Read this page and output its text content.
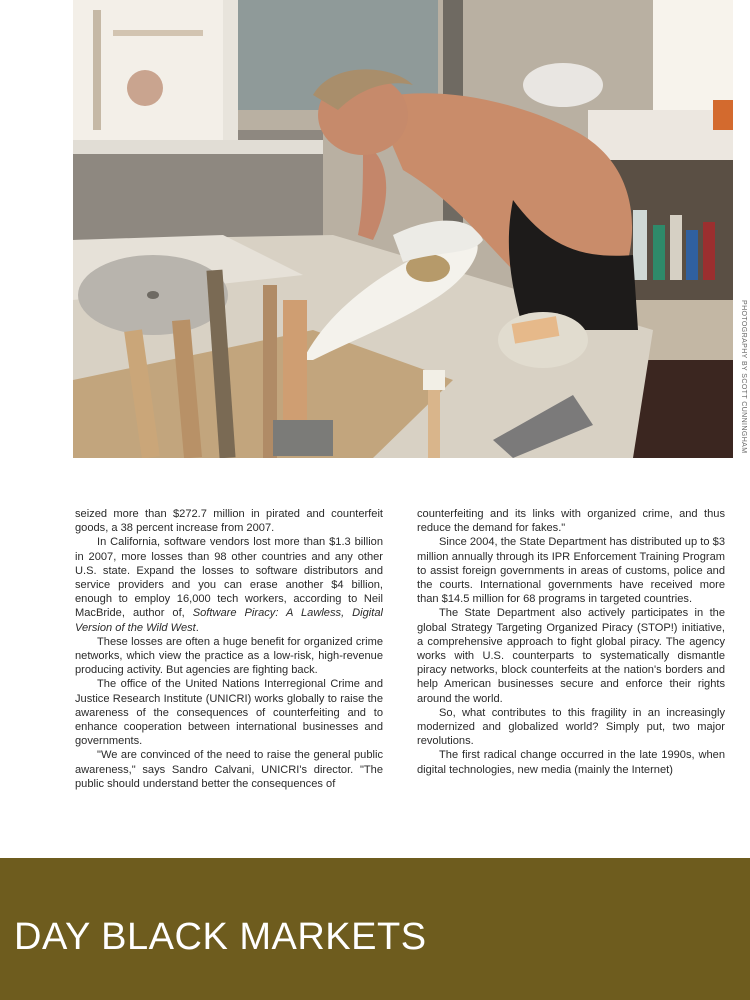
PHOTOGRAPHY BY SCOTT CUNNINGHAM

seized more than $272.7 million in pirated and counterfeit goods, a 38 percent increase from 2007.

In California, software vendors lost more than $1.3 billion in 2007, more losses than 98 other countries and any other U.S. state. Expand the losses to software distributors and service providers and you can erase another $4 billion, enough to employ 16,000 tech workers, according to Neil MacBride, author of, Software Piracy: A Lawless, Digital Version of the Wild West.

These losses are often a huge benefit for organized crime networks, which view the practice as a low-risk, high-revenue producing activity. But agencies are fighting back.

The office of the United Nations Interregional Crime and Justice Research Institute (UNICRI) works globally to raise the awareness of the consequences of counterfeiting and to enhance cooperation between international businesses and governments.

"We are convinced of the need to raise the general public awareness," says Sandro Calvani, UNICRI's director. "The public should understand better the consequences of

counterfeiting and its links with organized crime, and thus reduce the demand for fakes."

Since 2004, the State Department has distributed up to $3 million annually through its IPR Enforcement Training Program to assist foreign governments in areas of customs, police and the courts. International governments have received more than $14.5 million for 68 programs in targeted countries.

The State Department also actively participates in the global Strategy Targeting Organized Piracy (STOP!) initiative, a comprehensive approach to fight global piracy. The agency works with U.S. counterparts to systematically dismantle piracy networks, block counterfeits at the nation's borders and help American businesses secure and enforce their rights around the world.

So, what contributes to this fragility in an increasingly modernized and globalized world? Simply put, two major revolutions.

The first radical change occurred in the late 1990s, when digital technologies, new media (mainly the Internet)

DAY BLACK MARKETS
